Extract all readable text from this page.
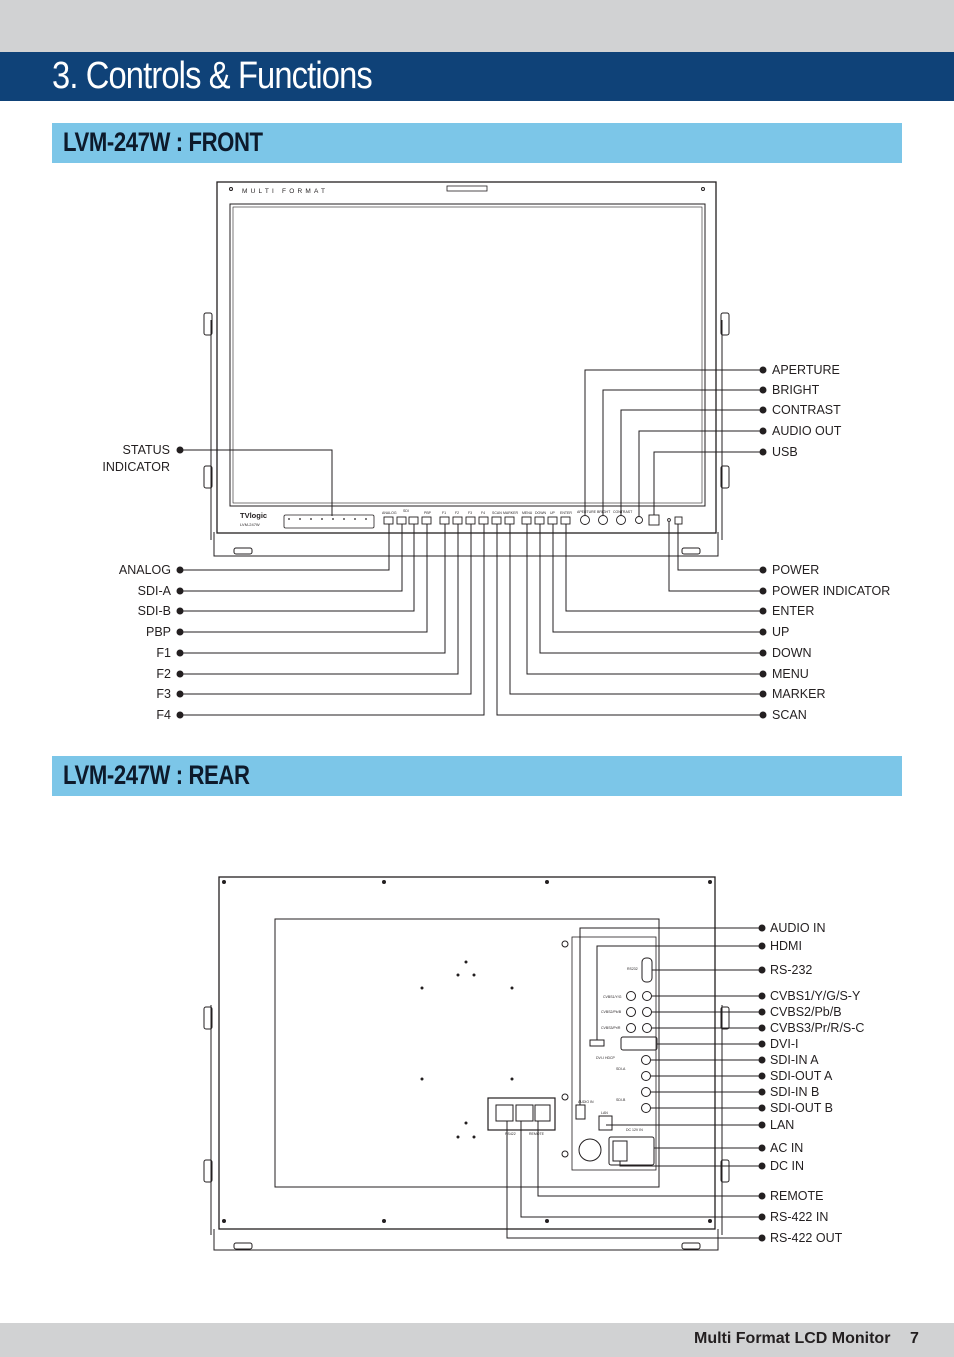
3. Controls & Functions
LVM-247W : FRONT
MULTI FORMAT
TVlogic
LVM-247W
ANALOG SDI	PBP	F1	F2	F3	F4 SCAN MARKER MENU DOWN UP ENTER APERTURE BRIGHT CONTRAST
STATUS
INDICATOR
ANALOG
SDI-A
SDI-B
PBP
F1
F2
F3
F4
APERTURE
BRIGHT
CONTRAST
AUDIO OUT
USB
POWER
POWER INDICATOR
ENTER
UP
DOWN
MENU
MARKER
SCAN
LVM-247W : REAR
RS232
CVBS1/Y/G
CVBS2/Pb/B
CVBS3/Pr/R
DVI-I HDCP
SDI-A
SDI-B
AUDIO IN
LAN
DC 12V IN
RS422	REMOTE
AUDIO IN
HDMI
RS-232
CVBS1/Y/G/S-Y
CVBS2/Pb/B
CVBS3/Pr/R/S-C
DVI-I
SDI-IN A
SDI-OUT A
SDI-IN B
SDI-OUT B
LAN
AC IN
DC IN
REMOTE
RS-422 IN
RS-422 OUT
Multi Format LCD Monitor 7
